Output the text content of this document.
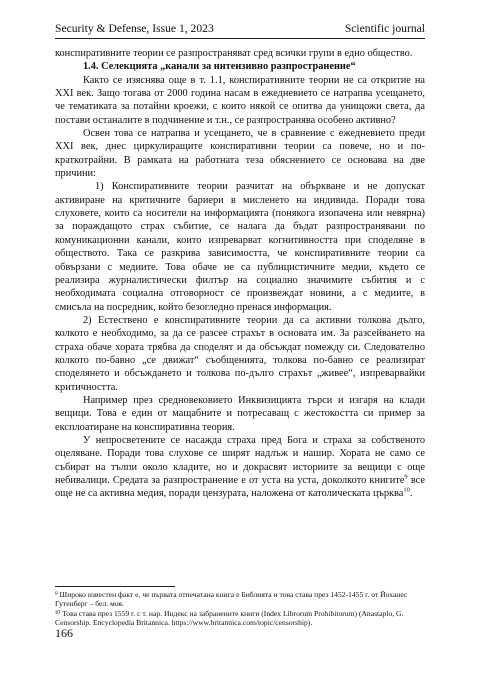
Security & Defense, Issue 1, 2023	Scientific journal

конспиративните теории се разпространяват сред всички групи в едно общество.

1.4. Селекцията „канали за интензивно разпространение“

Както се изяснява още в т. 1.1, конспиративните теории не са откритие на XXI век. Защо тогава от 2000 година насам в ежедневието се натрапва усещането, че тематиката за потайни кроежи, с които някой се опитва да унищожи света, да постави останалите в подчинение и т.н., се разпространява особено активно?

Освен това се натрапва и усещането, че в сравнение с ежедневието преди XXI век, днес циркулиращите конспиративни теории са повече, но и по-краткотрайни. В рамката на работната теза обяснението се основава на две причини:

1) Конспиративните теории разчитат на объркване и не допускат активиране на критичните бариери в мисленето на индивида. Поради това слуховете, които са носители на информацията (понякога изопачена или невярна) за пораждащото страх събитие, се налага да бъдат разпространявани по комуникационни канали, които изпреварват когнитивността при споделяне в обществото. Така се разкрива зависимостта, че конспиративните теории са обвързани с медиите. Това обаче не са публицистичните медии, където се реализира журналистически филтър на социално значимите събития и с необходимата социална отговорност се произвеждат новини, а с медиите, в смисъла на посредник, който безогледно пренася информация.

2) Естествено е конспиративните теории да са активни толкова дълго, колкото е необходимо, за да се разсее страхът в основата им. За разсейването на страха обаче хората трябва да споделят и да обсъждат помежду си. Следователно колкото по-бавно „се движат“ съобщенията, толкова по-бавно се реализират споделянето и обсъждането и толкова по-дълго страхът „живее“, изпреварвайки критичността.

Например през средновековието Инквизицията търси и изгаря на клади вещици. Това е един от мащабните и потресаващ с жестокостта си пример за експлоатиране на конспиративна теория.

У непросветените се насажда страха пред Бога и страха за собственото оцеляване. Поради това слухове се ширят надлъж и нашир. Хората не само се събират на тълпи около кладите, но и докрасвят историите за вещици с още небивалици. Средата за разпространение е от уста на уста, доколкото книгите$^9$ все още не са активна медия, поради цензурата, наложена от католическата църква$^{10}$.

⁹ Широко известен факт е, че първата отпечатана книга е Библията и това става през 1452-1455 г. от Йоханес Гутенберг – бел. моя.

¹⁰ Това става през 1559 г. с т. нар. Индекс на забранените книги (Index Librorum Prohibitorum) (Anastaplo, G. Censorship. Encyclopedia Britannica. https://www.britannica.com/topic/censorship).

166
